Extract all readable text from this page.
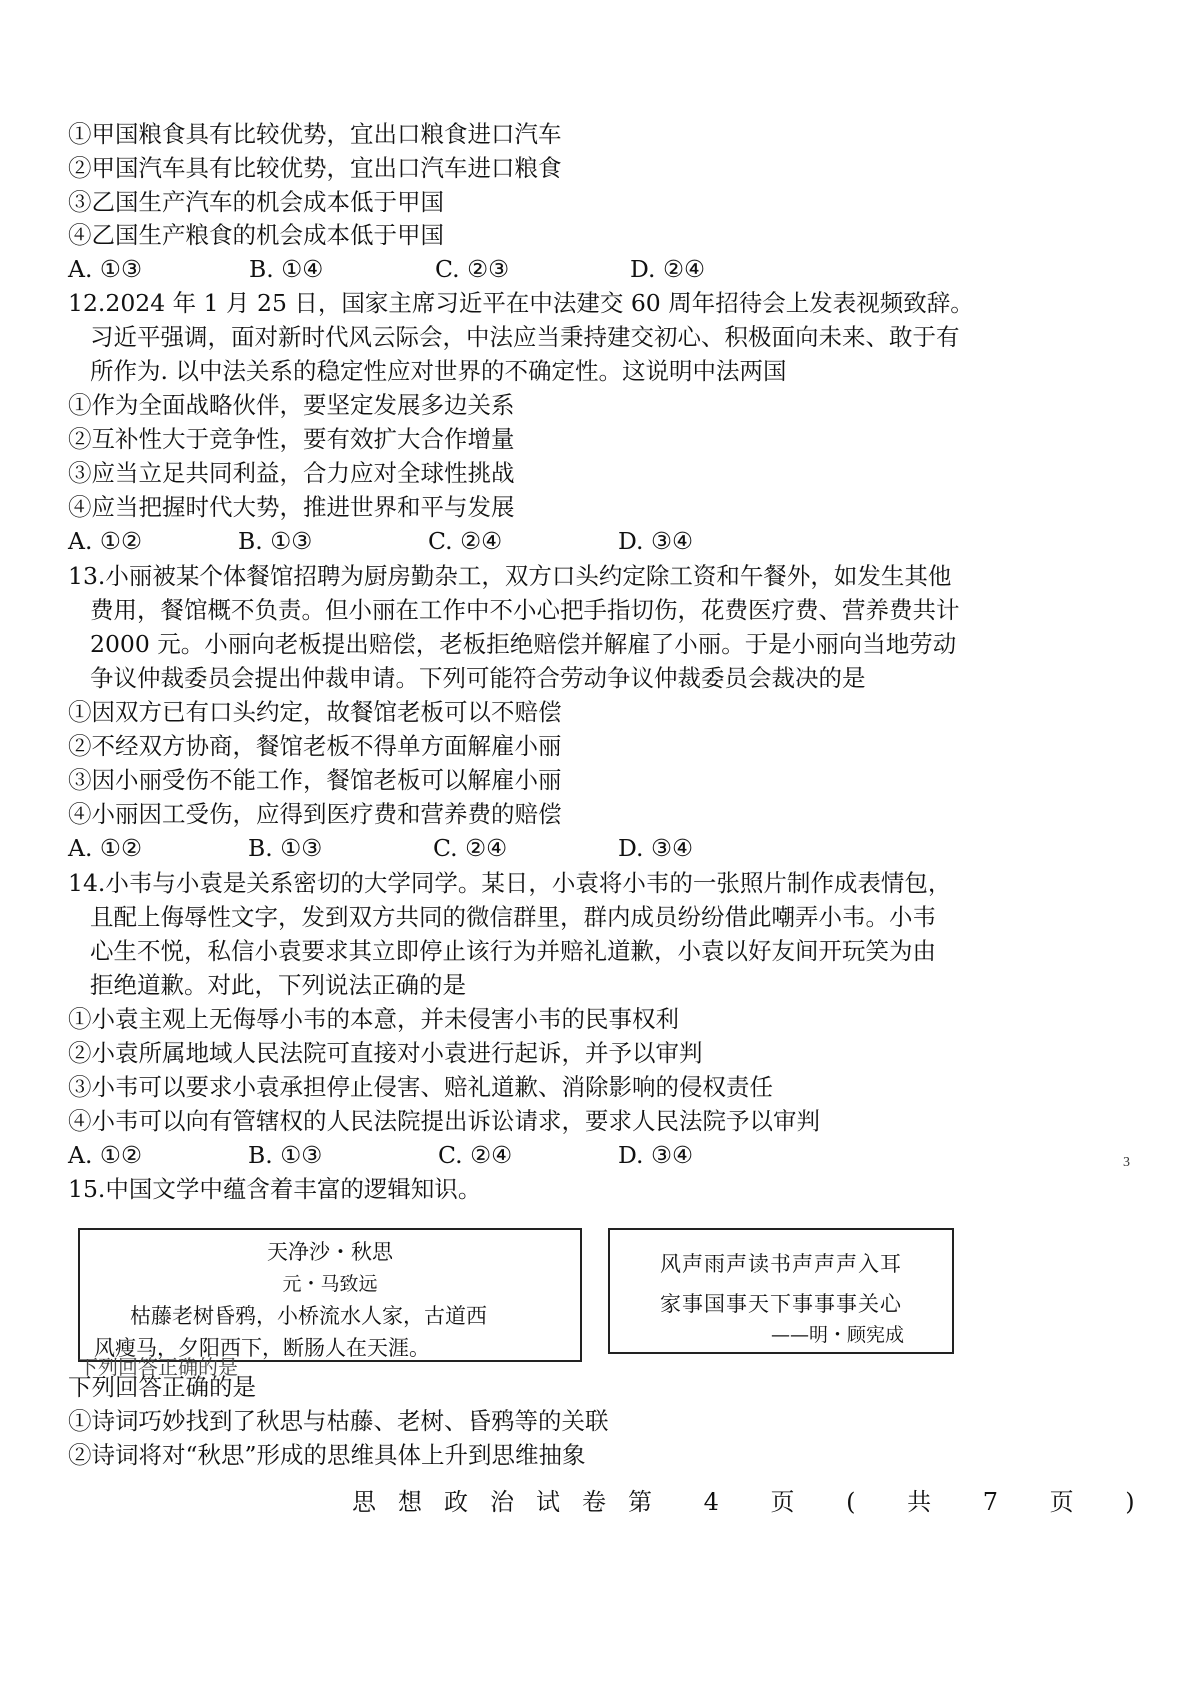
①甲国粮食具有比较优势，宜出口粮食进口汽车
②甲国汽车具有比较优势，宜出口汽车进口粮食
③乙国生产汽车的机会成本低于甲国
④乙国生产粮食的机会成本低于甲国
A. ①③	B. ①④	C. ②③	D. ②④
12.2024 年 1 月 25 日，国家主席习近平在中法建交 60 周年招待会上发表视频致辞。
习近平强调，面对新时代风云际会，中法应当秉持建交初心、积极面向未来、敢于有
所作为. 以中法关系的稳定性应对世界的不确定性。这说明中法两国
①作为全面战略伙伴，要坚定发展多边关系
②互补性大于竞争性，要有效扩大合作增量
③应当立足共同利益，合力应对全球性挑战
④应当把握时代大势，推进世界和平与发展
A. ①②	B. ①③	C. ②④	D. ③④
13.小丽被某个体餐馆招聘为厨房勤杂工，双方口头约定除工资和午餐外，如发生其他
费用，餐馆概不负责。但小丽在工作中不小心把手指切伤，花费医疗费、营养费共计
2000 元。小丽向老板提出赔偿，老板拒绝赔偿并解雇了小丽。于是小丽向当地劳动
争议仲裁委员会提出仲裁申请。下列可能符合劳动争议仲裁委员会裁决的是
①因双方已有口头约定，故餐馆老板可以不赔偿
②不经双方协商，餐馆老板不得单方面解雇小丽
③因小丽受伤不能工作，餐馆老板可以解雇小丽
④小丽因工受伤，应得到医疗费和营养费的赔偿
A. ①②	B. ①③	C. ②④	D. ③④
14.小韦与小袁是关系密切的大学同学。某日，小袁将小韦的一张照片制作成表情包，
且配上侮辱性文字，发到双方共同的微信群里，群内成员纷纷借此嘲弄小韦。小韦
心生不悦，私信小袁要求其立即停止该行为并赔礼道歉，小袁以好友间开玩笑为由
拒绝道歉。对此，下列说法正确的是
①小袁主观上无侮辱小韦的本意，并未侵害小韦的民事权利
②小袁所属地域人民法院可直接对小袁进行起诉，并予以审判
③小韦可以要求小袁承担停止侵害、赔礼道歉、消除影响的侵权责任
④小韦可以向有管辖权的人民法院提出诉讼请求，要求人民法院予以审判
A. ①②	B. ①③	C. ②④	D. ③④	3
15.中国文学中蕴含着丰富的逻辑知识。
天净沙・秋思
元・马致远
枯藤老树昏鸦，小桥流水人家，古道西
风瘦马，夕阳西下，断肠人在天涯。
风声雨声读书声声声入耳
家事国事天下事事事关心
——明・顾宪成
下列回答正确的是
下列回答正确的是
①诗词巧妙找到了秋思与枯藤、老树、昏鸦等的关联
②诗词将对“秋思”形成的思维具体上升到思维抽象
思想政治试卷第 4 页 ( 共 7 页 )
